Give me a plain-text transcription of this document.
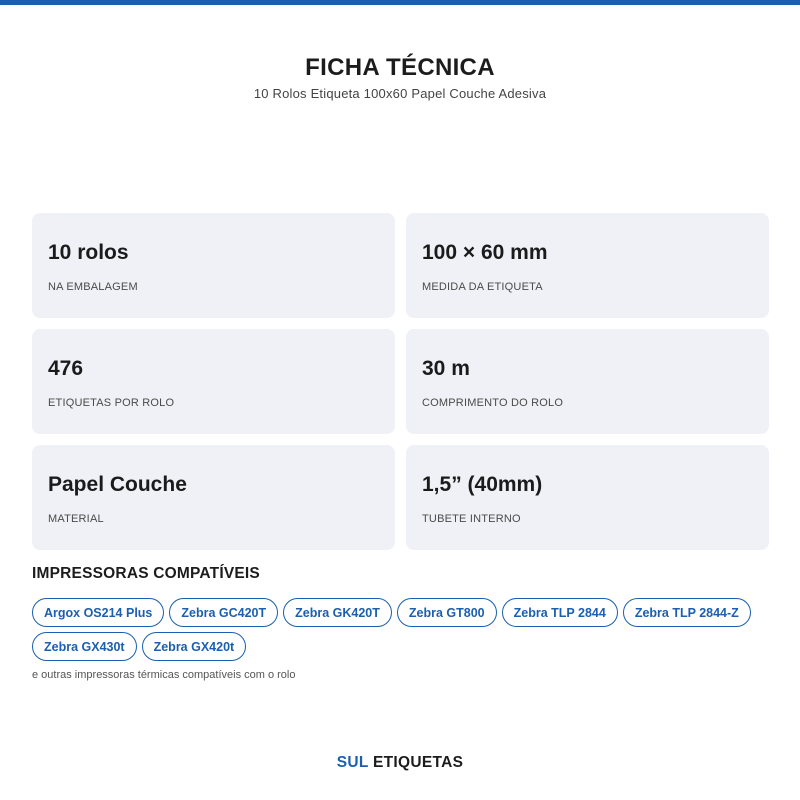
FICHA TÉCNICA
10 Rolos Etiqueta 100x60 Papel Couche Adesiva
10 rolos
NA EMBALAGEM
100 × 60 mm
MEDIDA DA ETIQUETA
476
ETIQUETAS POR ROLO
30 m
COMPRIMENTO DO ROLO
Papel Couche
MATERIAL
1,5” (40mm)
TUBETE INTERNO
IMPRESSORAS COMPATÍVEIS
Argox OS214 Plus	Zebra GC420T	Zebra GK420T	Zebra GT800	Zebra TLP 2844	Zebra TLP 2844-Z
Zebra GX430t	Zebra GX420t
e outras impressoras térmicas compatíveis com o rolo
SUL ETIQUETAS
